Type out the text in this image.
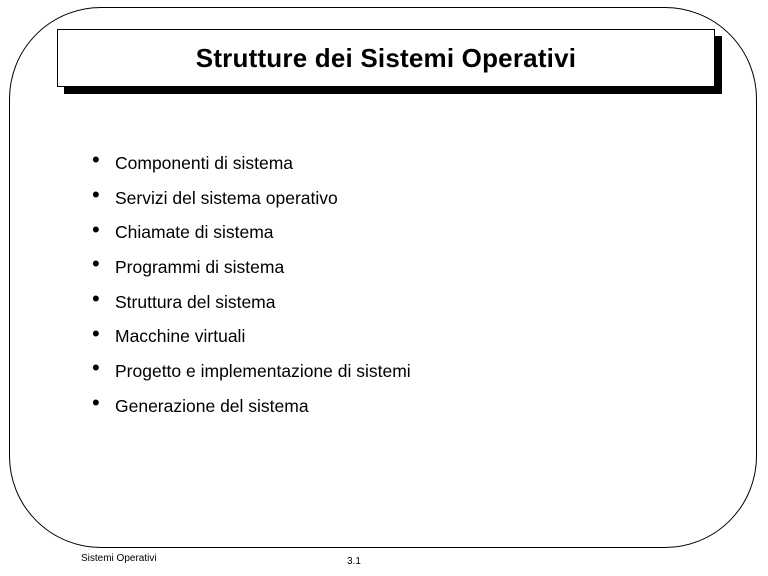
Strutture dei Sistemi Operativi
• Componenti di sistema
• Servizi del sistema operativo
• Chiamate di sistema
• Programmi di sistema
• Struttura del sistema
• Macchine virtuali
• Progetto e implementazione di sistemi
• Generazione del sistema
Sistemi Operativi	3.1
